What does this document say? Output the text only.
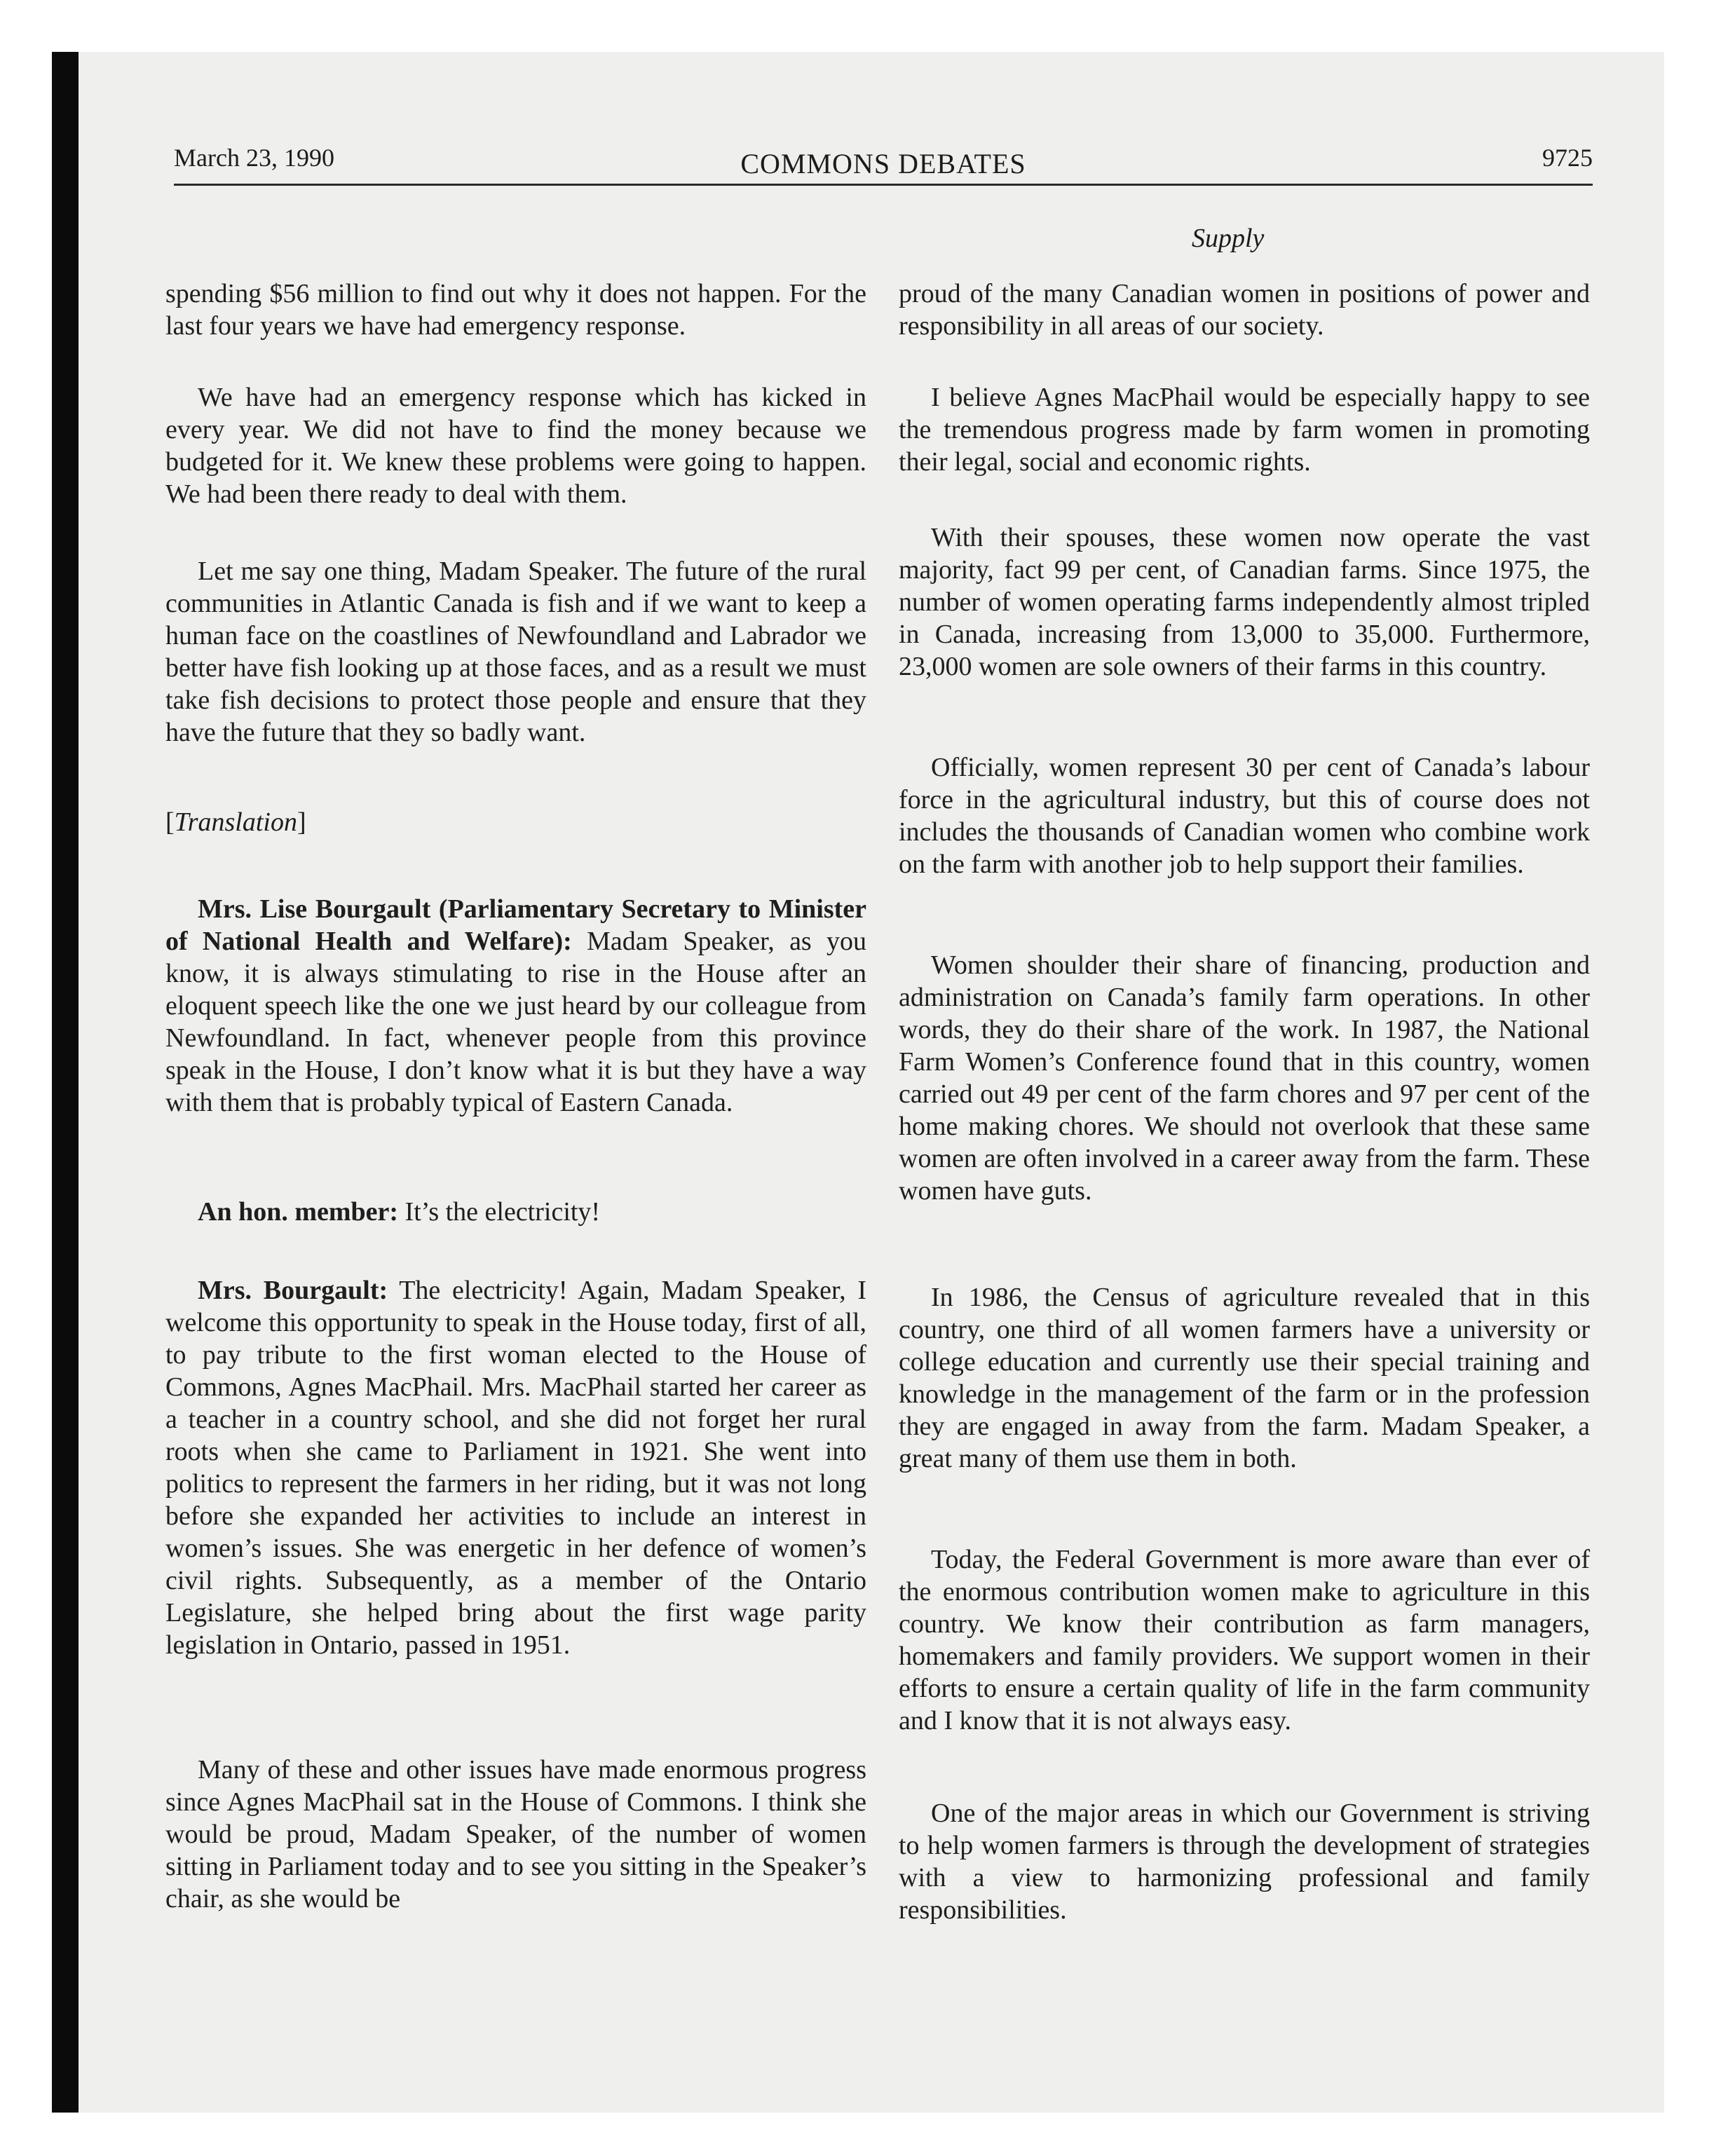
March 23, 1990	COMMONS DEBATES	9725
Supply

spending $56 million to find out why it does not happen. For the last four years we have had emergency response.

We have had an emergency response which has kicked in every year. We did not have to find the money because we budgeted for it. We knew these problems were going to happen. We had been there ready to deal with them.

Let me say one thing, Madam Speaker. The future of the rural communities in Atlantic Canada is fish and if we want to keep a human face on the coastlines of Newfoundland and Labrador we better have fish looking up at those faces, and as a result we must take fish decisions to protect those people and ensure that they have the future that they so badly want.

[Translation]

Mrs. Lise Bourgault (Parliamentary Secretary to Minister of National Health and Welfare): Madam Speaker, as you know, it is always stimulating to rise in the House after an eloquent speech like the one we just heard by our colleague from Newfoundland. In fact, whenever people from this province speak in the House, I don’t know what it is but they have a way with them that is probably typical of Eastern Canada.

An hon. member: It’s the electricity!

Mrs. Bourgault: The electricity! Again, Madam Speaker, I welcome this opportunity to speak in the House today, first of all, to pay tribute to the first woman elected to the House of Commons, Agnes MacPhail. Mrs. MacPhail started her career as a teacher in a country school, and she did not forget her rural roots when she came to Parliament in 1921. She went into politics to represent the farmers in her riding, but it was not long before she expanded her activities to include an interest in women’s issues. She was energetic in her defence of women’s civil rights. Subsequently, as a member of the Ontario Legislature, she helped bring about the first wage parity legislation in Ontario, passed in 1951.

Many of these and other issues have made enormous progress since Agnes MacPhail sat in the House of Commons. I think she would be proud, Madam Speaker, of the number of women sitting in Parliament today and to see you sitting in the Speaker’s chair, as she would be

proud of the many Canadian women in positions of power and responsibility in all areas of our society.

I believe Agnes MacPhail would be especially happy to see the tremendous progress made by farm women in promoting their legal, social and economic rights.

With their spouses, these women now operate the vast majority, fact 99 per cent, of Canadian farms. Since 1975, the number of women operating farms independently almost tripled in Canada, increasing from 13,000 to 35,000. Furthermore, 23,000 women are sole owners of their farms in this country.

Officially, women represent 30 per cent of Canada’s labour force in the agricultural industry, but this of course does not includes the thousands of Canadian women who combine work on the farm with another job to help support their families.

Women shoulder their share of financing, production and administration on Canada’s family farm operations. In other words, they do their share of the work. In 1987, the National Farm Women’s Conference found that in this country, women carried out 49 per cent of the farm chores and 97 per cent of the home making chores. We should not overlook that these same women are often involved in a career away from the farm. These women have guts.

In 1986, the Census of agriculture revealed that in this country, one third of all women farmers have a university or college education and currently use their special training and knowledge in the management of the farm or in the profession they are engaged in away from the farm. Madam Speaker, a great many of them use them in both.

Today, the Federal Government is more aware than ever of the enormous contribution women make to agriculture in this country. We know their contribution as farm managers, homemakers and family providers. We support women in their efforts to ensure a certain quality of life in the farm community and I know that it is not always easy.

One of the major areas in which our Government is striving to help women farmers is through the development of strategies with a view to harmonizing professional and family responsibilities.
